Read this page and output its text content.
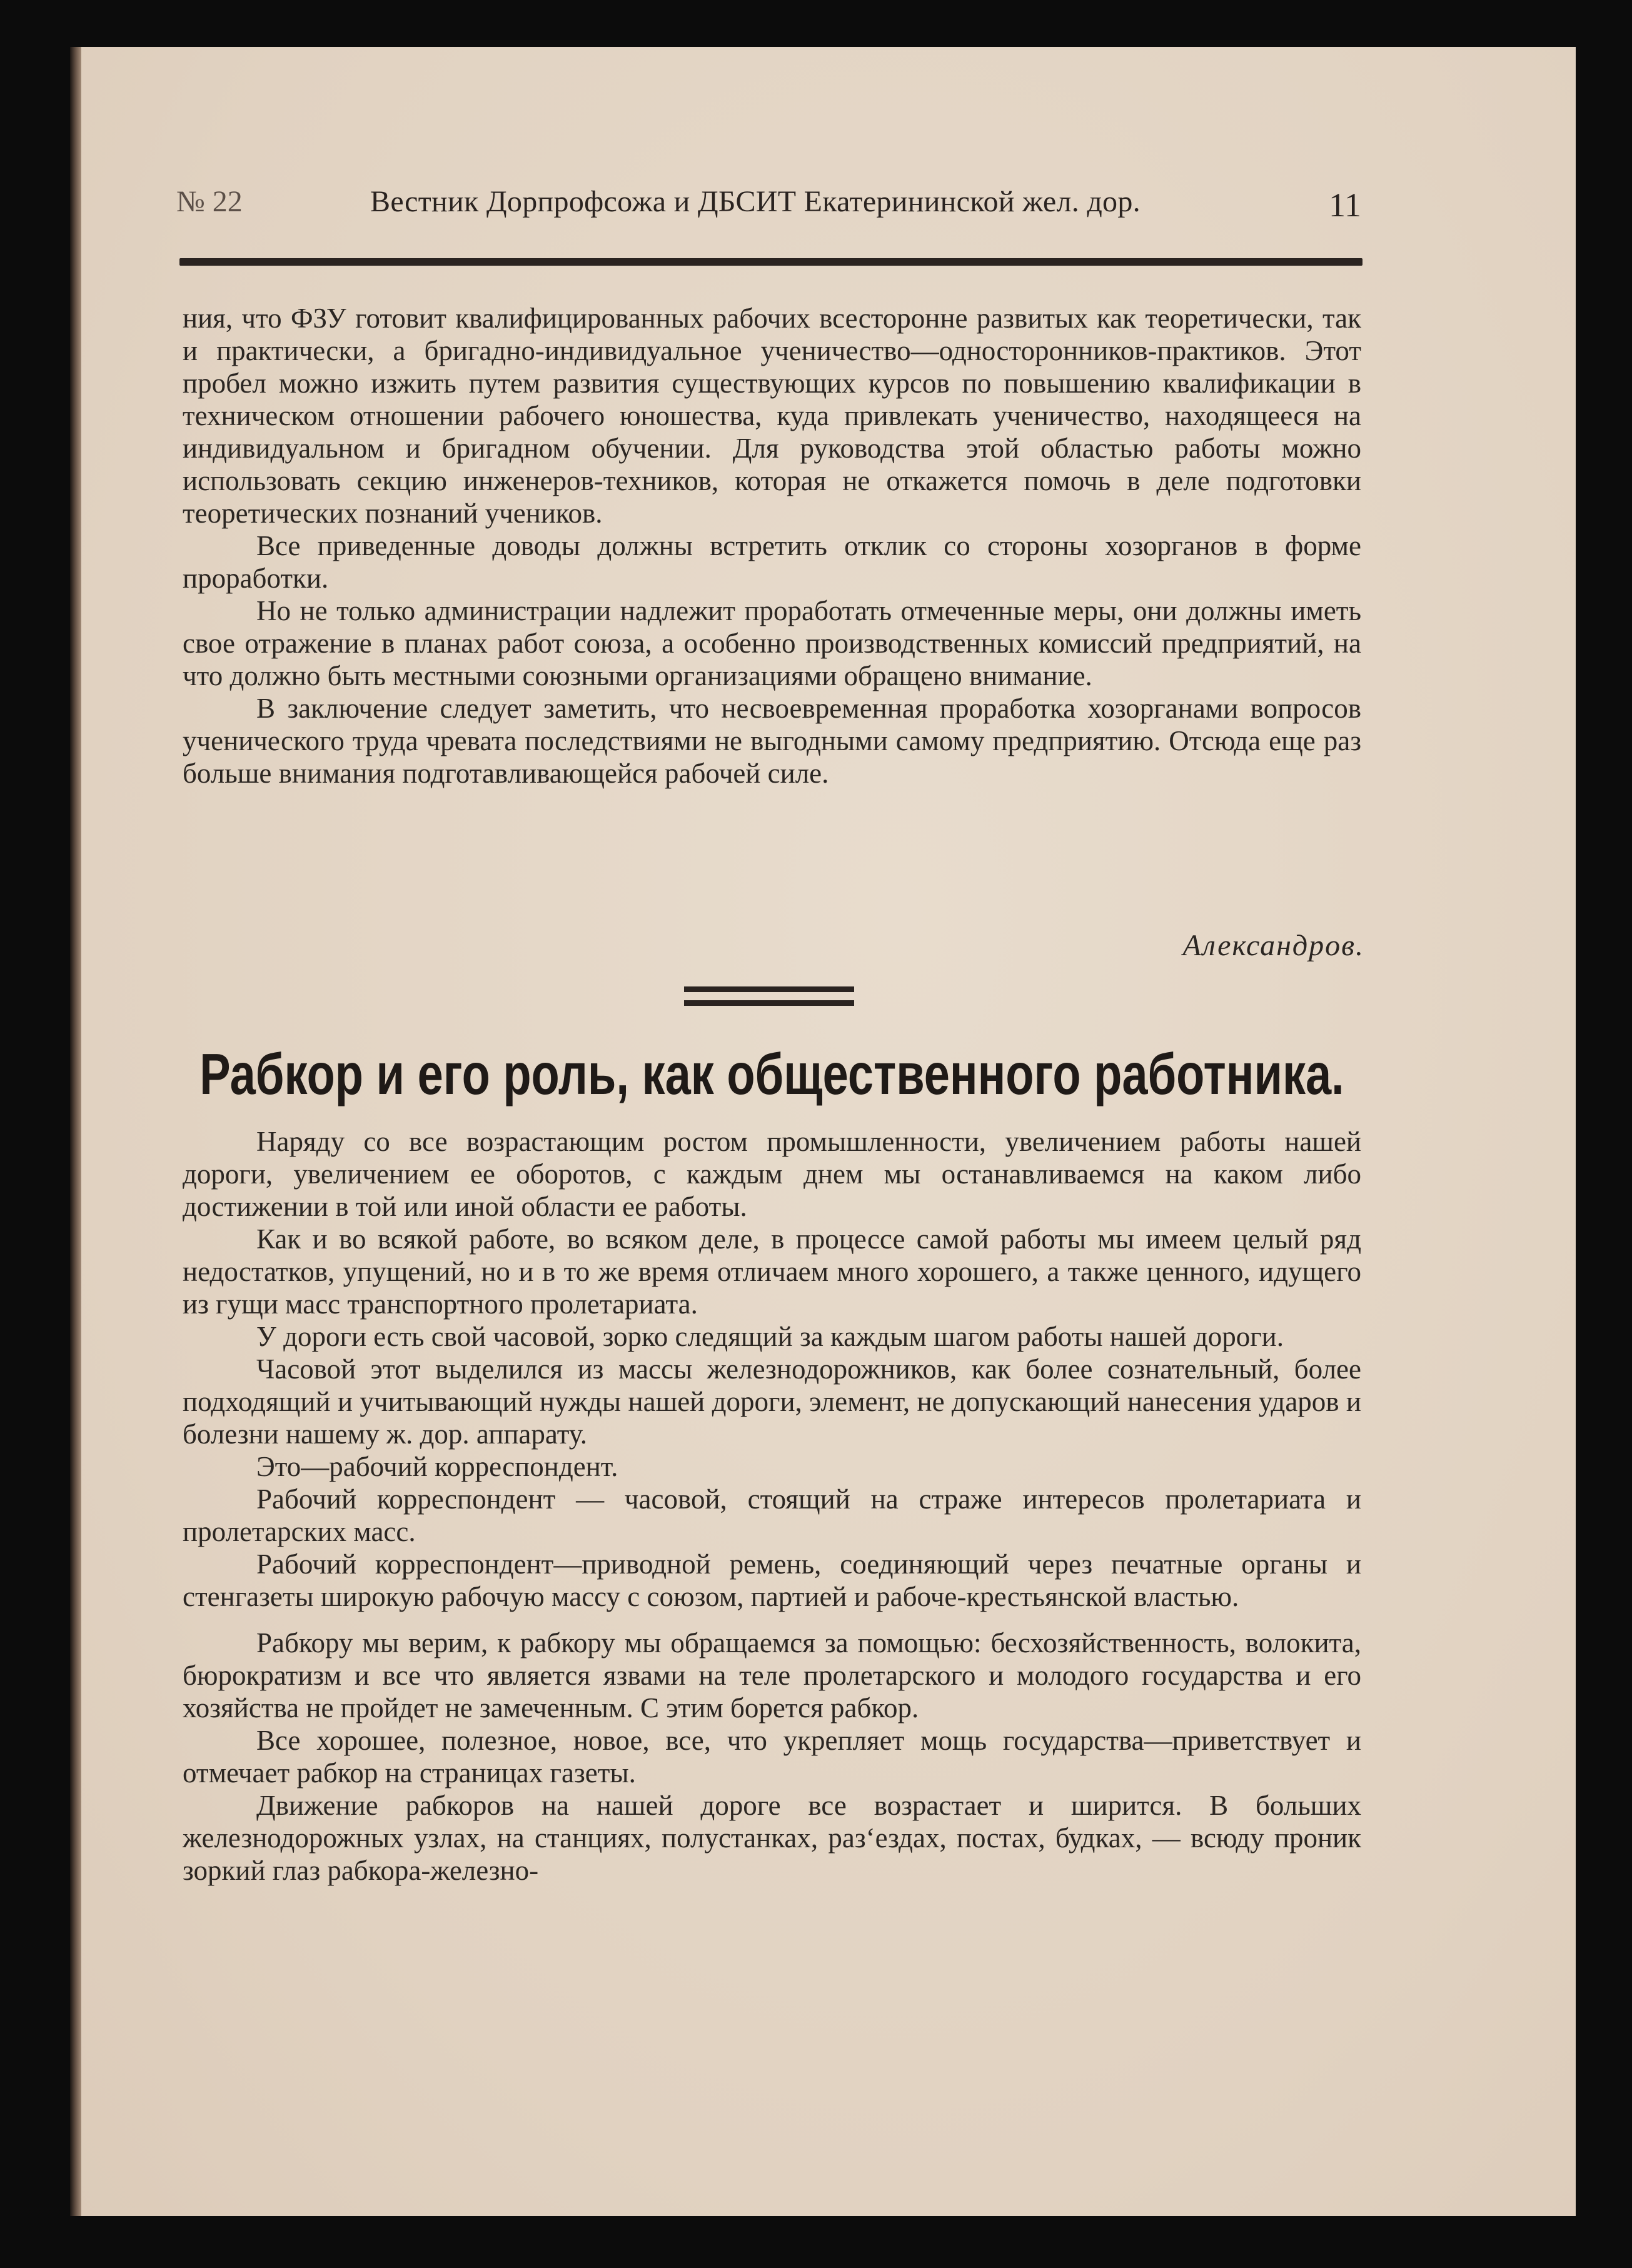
№ 22	Вестник Дорпрофсожа и ДБСИТ Екатерининской жел. дор.	11

ния, что ФЗУ готовит квалифицированных рабочих всесторонне развитых как теоретически, так и практически, а бригадно-индивидуальное ученичество—односторонников-практиков. Этот пробел можно изжить путем развития существующих курсов по повышению квалификации в техническом отношении рабочего юношества, куда привлекать ученичество, находящееся на индивидуальном и бригадном обучении. Для руководства этой областью работы можно использовать секцию инженеров-техников, которая не откажется помочь в деле подготовки теоретических познаний учеников.

Все приведенные доводы должны встретить отклик со стороны хозорганов в форме проработки.

Но не только администрации надлежит проработать отмеченные меры, они должны иметь свое отражение в планах работ союза, а особенно производственных комиссий предприятий, на что должно быть местными союзными организациями обращено внимание.

В заключение следует заметить, что несвоевременная проработка хозорганами вопросов ученического труда чревата последствиями не выгодными самому предприятию. Отсюда еще раз больше внимания подготавливающейся рабочей силе.

Александров.
Рабкор и его роль, как общественного работника.

Наряду со все возрастающим ростом промышленности, увеличением работы нашей дороги, увеличением ее оборотов, с каждым днем мы останавливаемся на каком либо достижении в той или иной области ее работы.

Как и во всякой работе, во всяком деле, в процессе самой работы мы имеем целый ряд недостатков, упущений, но и в то же время отличаем много хорошего, а также ценного, идущего из гущи масс транспортного пролетариата.

У дороги есть свой часовой, зорко следящий за каждым шагом работы нашей дороги.

Часовой этот выделился из массы железнодорожников, как более сознательный, более подходящий и учитывающий нужды нашей дороги, элемент, не допускающий нанесения ударов и болезни нашему ж. дор. аппарату.

Это—рабочий корреспондент.

Рабочий корреспондент — часовой, стоящий на страже интересов пролетариата и пролетарских масс.

Рабочий корреспондент—приводной ремень, соединяющий через печатные органы и стенгазеты широкую рабочую массу с союзом, партией и рабоче-крестьянской властью.

Рабкору мы верим, к рабкору мы обращаемся за помощью: бесхозяйственность, волокита, бюрократизм и все что является язвами на теле пролетарского и молодого государства и его хозяйства не пройдет не замеченным. С этим борется рабкор.

Все хорошее, полезное, новое, все, что укрепляет мощь государства—приветствует и отмечает рабкор на страницах газеты.

Движение рабкоров на нашей дороге все возрастает и ширится. В больших железнодорожных узлах, на станциях, полустанках, раз‘ездах, постах, будках, — всюду проник зоркий глаз рабкора-железно-
